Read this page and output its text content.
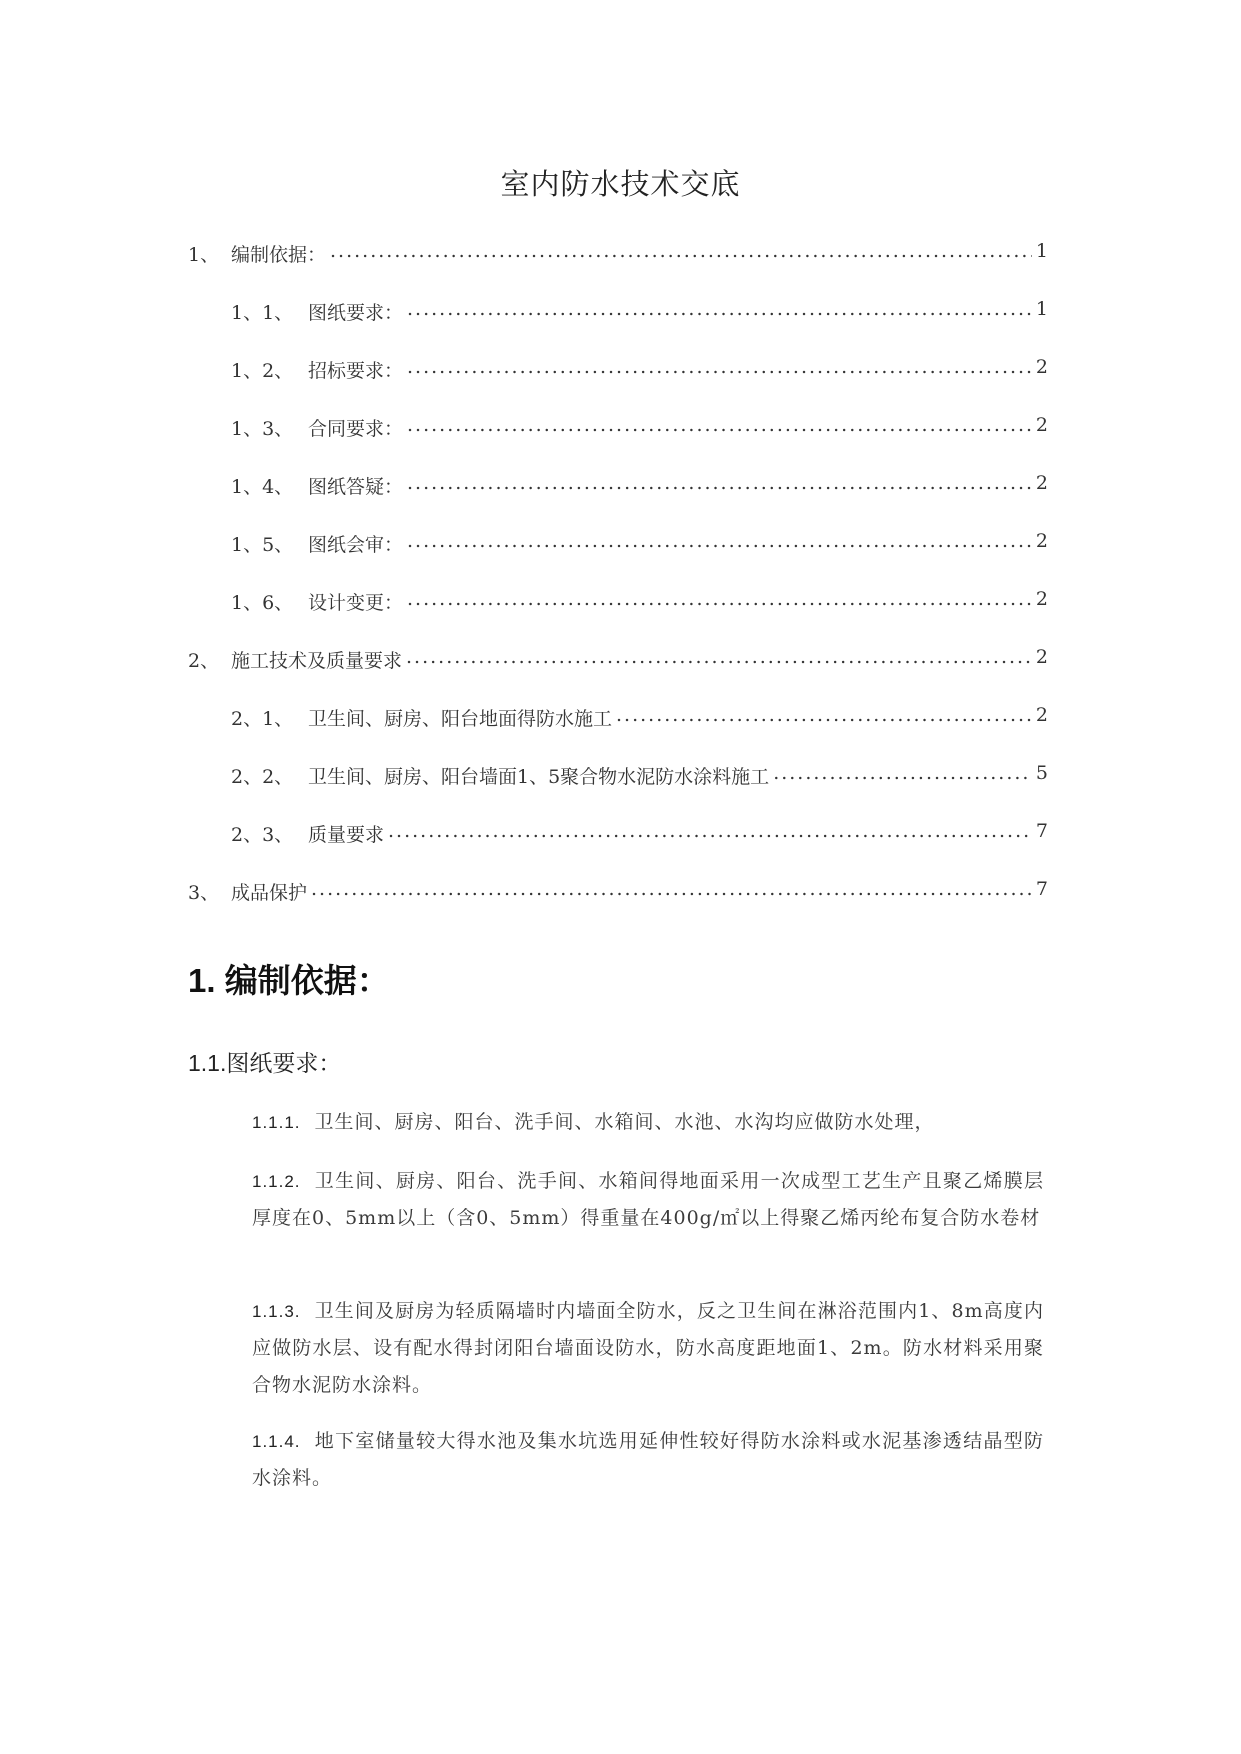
室内防水技术交底
1、 编制依据： .....	1
1、1、 图纸要求： .....	1
1、2、 招标要求： .....	2
1、3、 合同要求： .....	2
1、4、 图纸答疑： .....	2
1、5、 图纸会审： .....	2
1、6、 设计变更： .....	2
2、 施工技术及质量要求 .....	2
2、1、 卫生间、厨房、阳台地面得防水施工 .....	2
2、2、 卫生间、厨房、阳台墙面1、5聚合物水泥防水涂料施工 .....	5
2、3、 质量要求 .....	7
3、 成品保护 .....	7
1. 编制依据：
1.1.图纸要求：
1.1.1. 卫生间、厨房、阳台、洗手间、水箱间、水池、水沟均应做防水处理，
1.1.2. 卫生间、厨房、阳台、洗手间、水箱间得地面采用一次成型工艺生产且聚乙烯膜层厚度在0、5mm以上（含0、5mm）得重量在400g/㎡以上得聚乙烯丙纶布复合防水卷材
1.1.3. 卫生间及厨房为轻质隔墙时内墙面全防水，反之卫生间在淋浴范围内1、8m高度内应做防水层、设有配水得封闭阳台墙面设防水，防水高度距地面1、2m。防水材料采用聚合物水泥防水涂料。
1.1.4. 地下室储量较大得水池及集水坑选用延伸性较好得防水涂料或水泥基渗透结晶型防水涂料。
